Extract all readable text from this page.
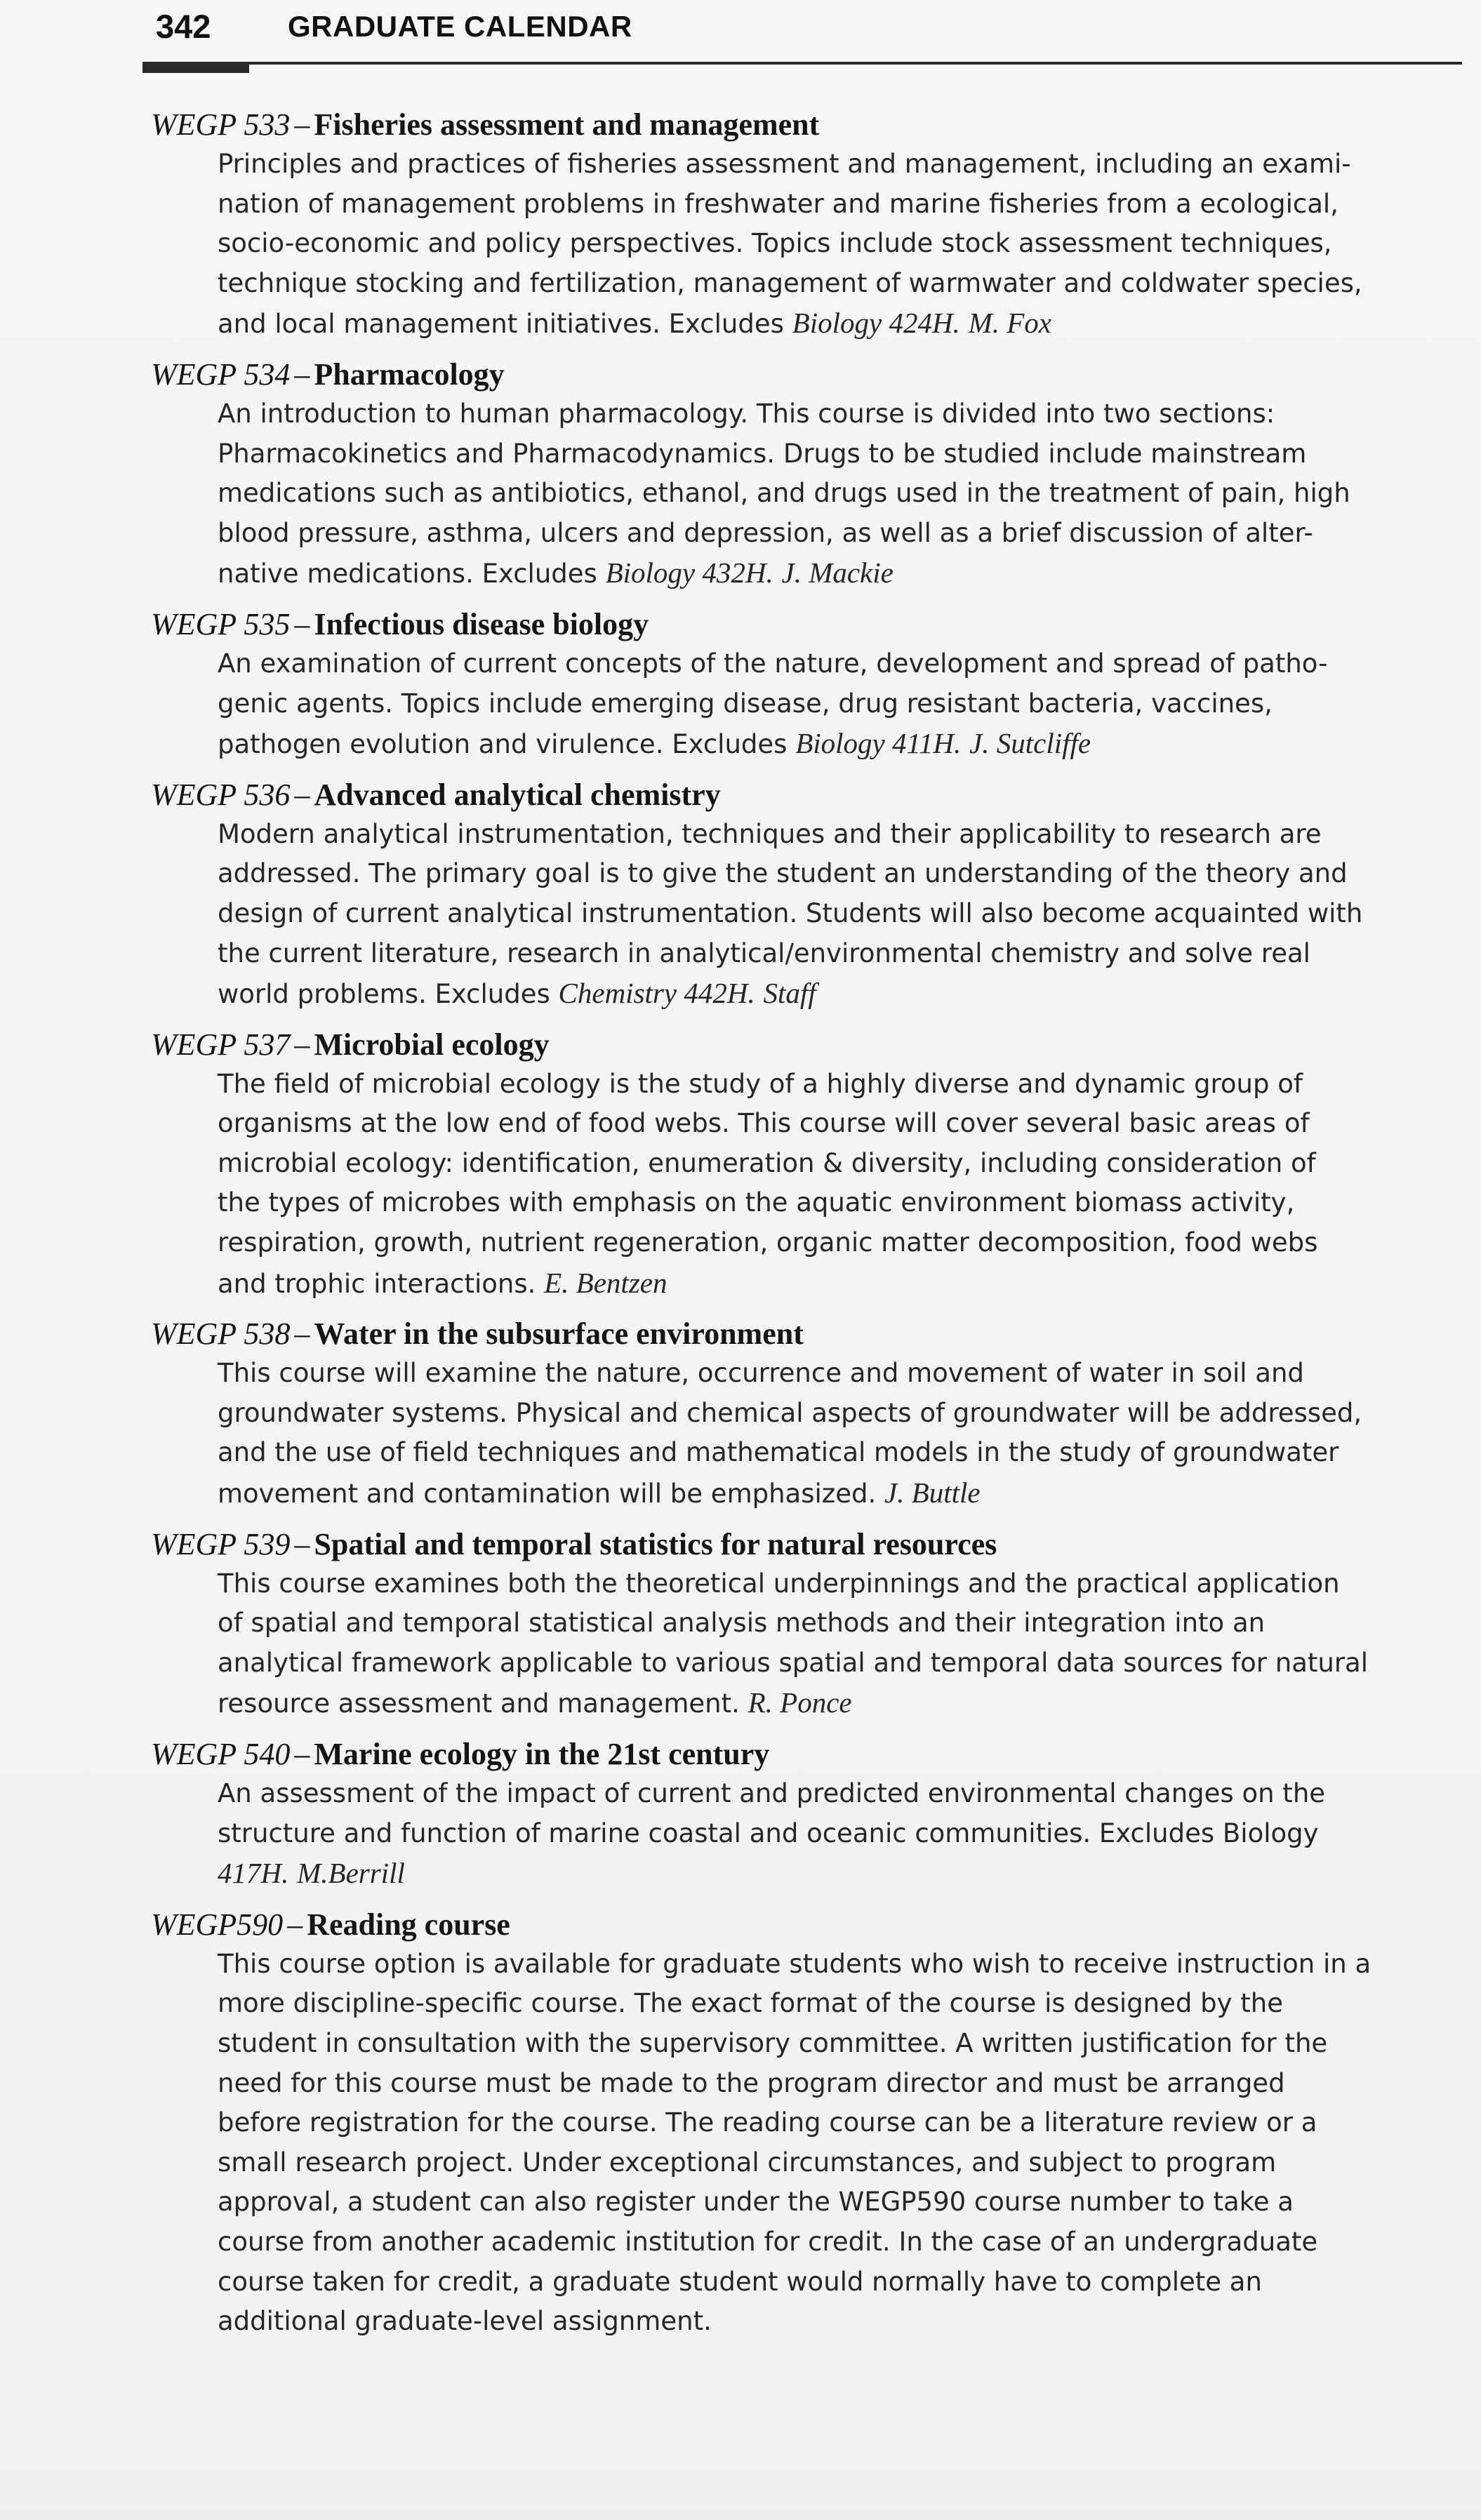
342	GRADUATE CALENDAR
WEGP 533 – Fisheries assessment and management
Principles and practices of fisheries assessment and management, including an exami-
nation of management problems in freshwater and marine fisheries from a ecological,
socio-economic and policy perspectives. Topics include stock assessment techniques,
technique stocking and fertilization, management of warmwater and coldwater species,
and local management initiatives. Excludes Biology 424H. M. Fox
WEGP 534 – Pharmacology
An introduction to human pharmacology. This course is divided into two sections:
Pharmacokinetics and Pharmacodynamics. Drugs to be studied include mainstream
medications such as antibiotics, ethanol, and drugs used in the treatment of pain, high
blood pressure, asthma, ulcers and depression, as well as a brief discussion of alter-
native medications. Excludes Biology 432H. J. Mackie
WEGP 535 – Infectious disease biology
An examination of current concepts of the nature, development and spread of patho-
genic agents. Topics include emerging disease, drug resistant bacteria, vaccines,
pathogen evolution and virulence. Excludes Biology 411H. J. Sutcliffe
WEGP 536 – Advanced analytical chemistry
Modern analytical instrumentation, techniques and their applicability to research are
addressed. The primary goal is to give the student an understanding of the theory and
design of current analytical instrumentation. Students will also become acquainted with
the current literature, research in analytical/environmental chemistry and solve real
world problems. Excludes Chemistry 442H. Staff
WEGP 537 – Microbial ecology
The field of microbial ecology is the study of a highly diverse and dynamic group of
organisms at the low end of food webs. This course will cover several basic areas of
microbial ecology: identification, enumeration & diversity, including consideration of
the types of microbes with emphasis on the aquatic environment biomass activity,
respiration, growth, nutrient regeneration, organic matter decomposition, food webs
and trophic interactions. E. Bentzen
WEGP 538 – Water in the subsurface environment
This course will examine the nature, occurrence and movement of water in soil and
groundwater systems. Physical and chemical aspects of groundwater will be addressed,
and the use of field techniques and mathematical models in the study of groundwater
movement and contamination will be emphasized. J. Buttle
WEGP 539 – Spatial and temporal statistics for natural resources
This course examines both the theoretical underpinnings and the practical application
of spatial and temporal statistical analysis methods and their integration into an
analytical framework applicable to various spatial and temporal data sources for natural
resource assessment and management. R. Ponce
WEGP 540 – Marine ecology in the 21st century
An assessment of the impact of current and predicted environmental changes on the
structure and function of marine coastal and oceanic communities. Excludes Biology
417H. M.Berrill
WEGP590 – Reading course
This course option is available for graduate students who wish to receive instruction in a
more discipline-specific course. The exact format of the course is designed by the
student in consultation with the supervisory committee. A written justification for the
need for this course must be made to the program director and must be arranged
before registration for the course. The reading course can be a literature review or a
small research project. Under exceptional circumstances, and subject to program
approval, a student can also register under the WEGP590 course number to take a
course from another academic institution for credit. In the case of an undergraduate
course taken for credit, a graduate student would normally have to complete an
additional graduate-level assignment.
